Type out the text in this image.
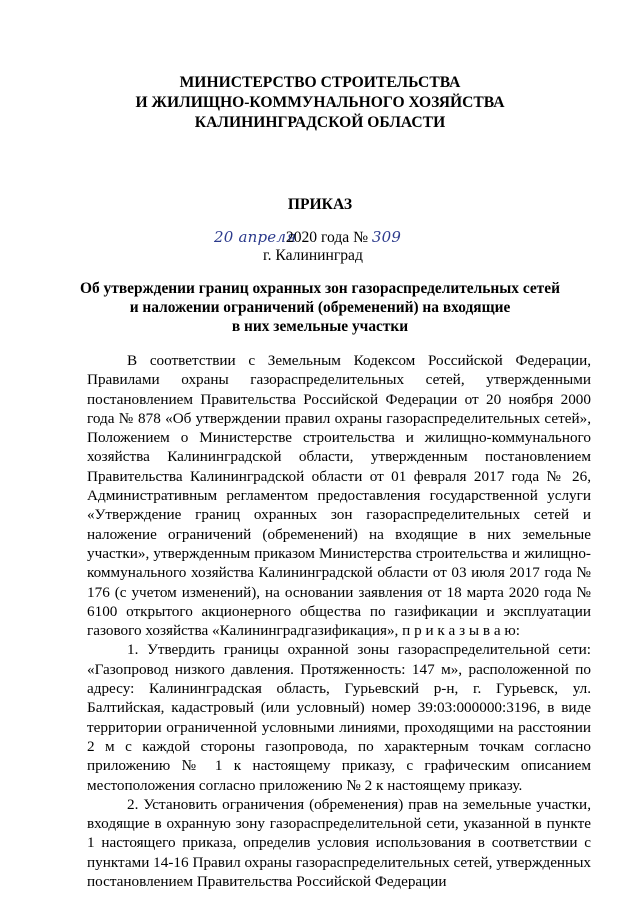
МИНИСТЕРСТВО СТРОИТЕЛЬСТВА
И ЖИЛИЩНО-КОММУНАЛЬНОГО ХОЗЯЙСТВА
КАЛИНИНГРАДСКОЙ ОБЛАСТИ
ПРИКАЗ
20 апреля 2020 года № 309
г. Калининград
Об утверждении границ охранных зон газораспределительных сетей
и наложении ограничений (обременений) на входящие
в них земельные участки

В соответствии с Земельным Кодексом Российской Федерации, Правилами охраны газораспределительных сетей, утвержденными постановлением Правительства Российской Федерации от 20 ноября 2000 года № 878 «Об утверждении правил охраны газораспределительных сетей», Положением о Министерстве строительства и жилищно-коммунального хозяйства Калининградской области, утвержденным постановлением Правительства Калининградской области от 01 февраля 2017 года № 26, Административным регламентом предоставления государственной услуги «Утверждение границ охранных зон газораспределительных сетей и наложение ограничений (обременений) на входящие в них земельные участки», утвержденным приказом Министерства строительства и жилищно-коммунального хозяйства Калининградской области от 03 июля 2017 года № 176 (с учетом изменений), на основании заявления от 18 марта 2020 года № 6100 открытого акционерного общества по газификации и эксплуатации газового хозяйства «Калининградгазификация», п р и к а з ы в а ю:

1. Утвердить границы охранной зоны газораспределительной сети: «Газопровод низкого давления. Протяженность: 147 м», расположенной по адресу: Калининградская область, Гурьевский р-н, г. Гурьевск, ул. Балтийская, кадастровый (или условный) номер 39:03:000000:3196, в виде территории ограниченной условными линиями, проходящими на расстоянии 2 м с каждой стороны газопровода, по характерным точкам согласно приложению № 1 к настоящему приказу, с графическим описанием местоположения согласно приложению № 2 к настоящему приказу.

2. Установить ограничения (обременения) прав на земельные участки, входящие в охранную зону газораспределительной сети, указанной в пункте 1 настоящего приказа, определив условия использования в соответствии с пунктами 14-16 Правил охраны газораспределительных сетей, утвержденных постановлением Правительства Российской Федерации
